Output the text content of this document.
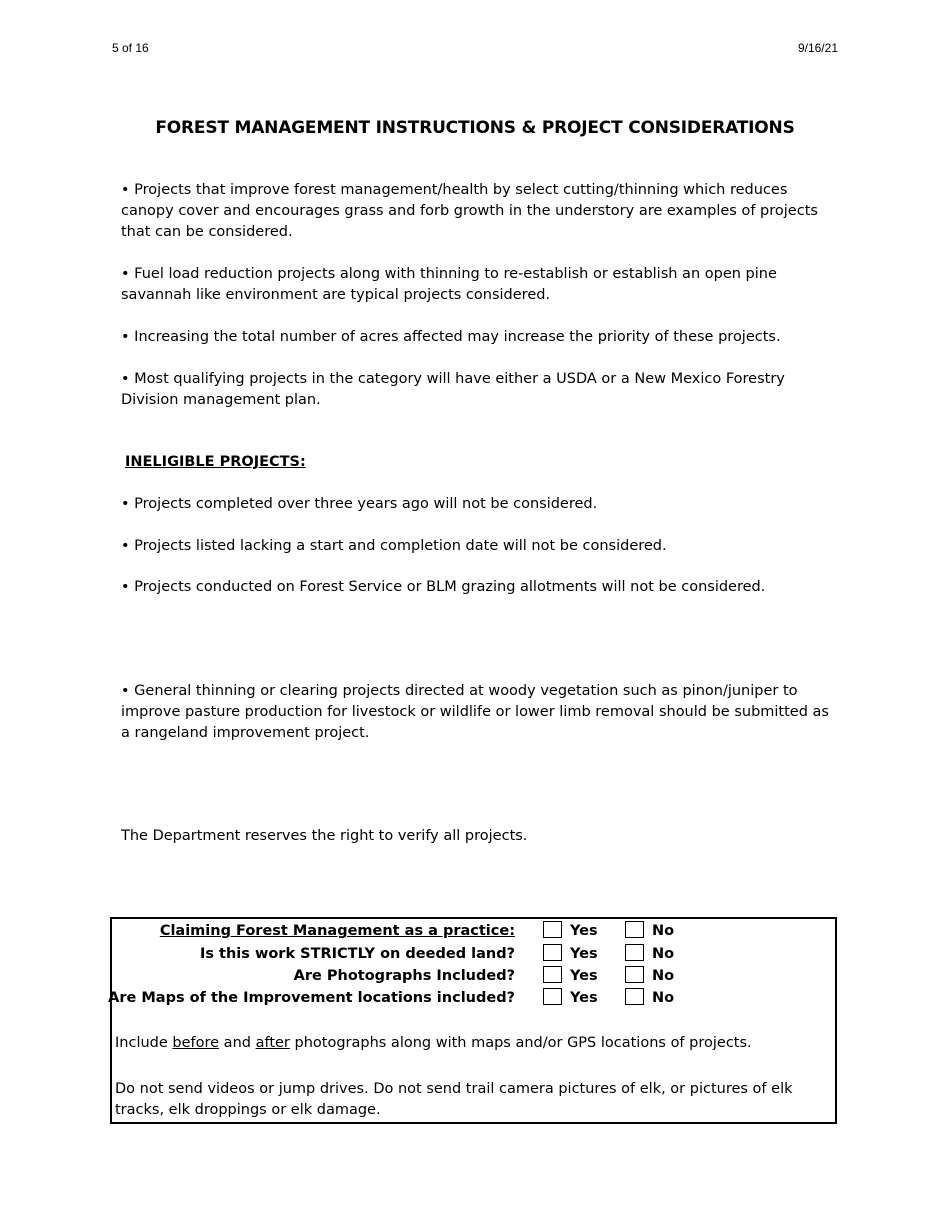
5 of 16	9/16/21
FOREST MANAGEMENT INSTRUCTIONS & PROJECT CONSIDERATIONS
• Projects that improve forest management/health by select cutting/thinning which reduces canopy cover and encourages grass and forb growth in the understory are examples of projects that can be considered.
• Fuel load reduction projects along with thinning to re-establish or establish an open pine savannah like environment are typical projects considered.
• Increasing the total number of acres affected may increase the priority of these projects.
• Most qualifying projects in the category will have either a USDA or a New Mexico Forestry Division management plan.
INELIGIBLE PROJECTS:
• Projects completed over three years ago will not be considered.
• Projects listed lacking a start and completion date will not be considered.
• Projects conducted on Forest Service or BLM grazing allotments will not be considered.
• General thinning or clearing projects directed at woody vegetation such as pinon/juniper to improve pasture production for livestock or wildlife or lower limb removal should be submitted as a rangeland improvement project.
The Department reserves the right to verify all projects.
Claiming Forest Management as a practice:	Yes	No
Is this work STRICTLY on deeded land?	Yes	No
Are Photographs Included?	Yes	No
Are Maps of the Improvement locations included?	Yes	No
Include before and after photographs along with maps and/or GPS locations of projects.
Do not send videos or jump drives. Do not send trail camera pictures of elk, or pictures of elk tracks, elk droppings or elk damage.
